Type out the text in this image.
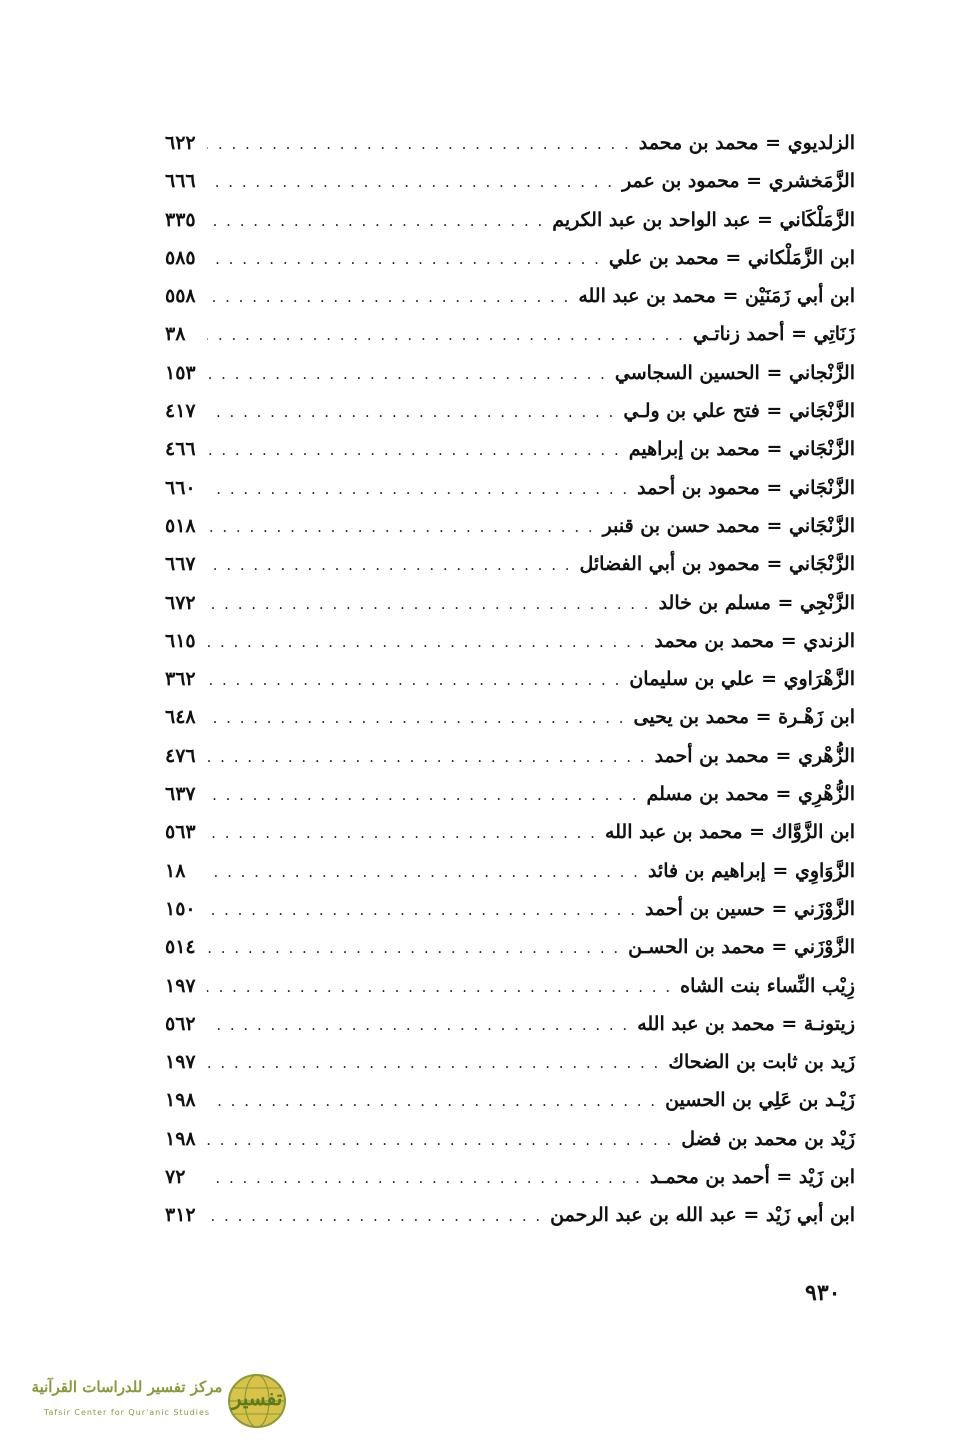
الزلديوي = محمد بن محمد
. . .
٦٢٢
الزَّمَخشري = محمود بن عمر
. . .
٦٦٦
الزَّمَلْكَاني = عبد الواحد بن عبد الكريم
. . .
٣٣٥
ابن الزَّمَلْكاني = محمد بن علي
. . .
٥٨٥
ابن أبي زَمَنَيْن = محمد بن عبد الله
. . .
٥٥٨
زَنَاتِي = أحمد زناتـي
. . .
٣٨
الزَّنْجاني = الحسين السجاسي
. . .
١٥٣
الزَّنْجَاني = فتح علي بن ولـي
. . .
٤١٧
الزَّنْجَاني = محمد بن إبراهيم
. . .
٤٦٦
الزَّنْجَاني = محمود بن أحمد
. . .
٦٦٠
الزَّنْجَاني = محمد حسن بن قنبر
. . .
٥١٨
الزَّنْجَاني = محمود بن أبي الفضائل
. . .
٦٦٧
الزَّنْجِي = مسلم بن خالد
. . .
٦٧٢
الزندي = محمد بن محمد
. . .
٦١٥
الزَّهْرَاوي = علي بن سليمان
. . .
٣٦٢
ابن زَهْـرة = محمد بن يحيى
. . .
٦٤٨
الزُّهْري = محمد بن أحمد
. . .
٤٧٦
الزُّهْرِي = محمد بن مسلم
. . .
٦٣٧
ابن الزَّوَّاك = محمد بن عبد الله
. . .
٥٦٣
الزَّوَاوِي = إبراهيم بن فائد
. . .
١٨
الزَّوْزَني = حسين بن أحمد
. . .
١٥٠
الزَّوْزَني = محمد بن الحسـن
. . .
٥١٤
زِيْب النِّساء بنت الشاه
. . .
١٩٧
زيتونـة = محمد بن عبد الله
. . .
٥٦٢
زَيد بن ثابت بن الضحاك
. . .
١٩٧
زَيْـد بن عَلِي بن الحسين
. . .
١٩٨
زَيْد بن محمد بن فضل
. . .
١٩٨
ابن زَيْد = أحمد بن محمـد
. . .
٧٢
ابن أبي زَيْد = عبد الله بن عبد الرحمن
. . .
٣١٢
٩٣٠
مركز تفسير للدراسات القرآنية
Tafsir Center for Qur'anic Studies
تفسير
